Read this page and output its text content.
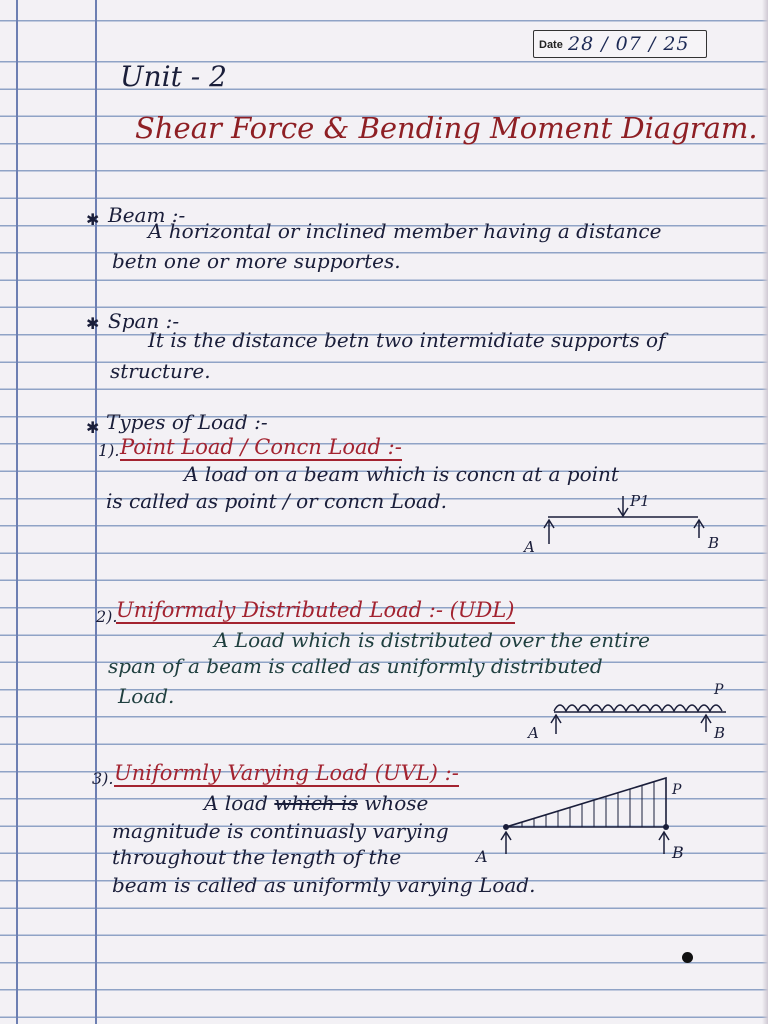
Date 28 / 07 / 25
Unit - 2
Shear Force & Bending Moment Diagram.
✱ Beam :-
A horizontal or inclined member having a distance
betn one or more supportes.
✱ Span :-
It is the distance betn two intermidiate supports of
structure.
✱ Types of Load :-
1). Point Load / Concn Load :-
A load on a beam which is concn at a point
is called as point / or concn Load.	P1
A	B
2).
Uniformaly Distributed Load :- (UDL)
A Load which is distributed over the entire
span of a beam is called as uniformly distributed
Load.	P
A	B
3). Uniformly Varying Load (UVL) :-
A load which is whose
magnitude is continuasly varying
throughout the length of the
beam is called as uniformly varying Load.
P
A	B
